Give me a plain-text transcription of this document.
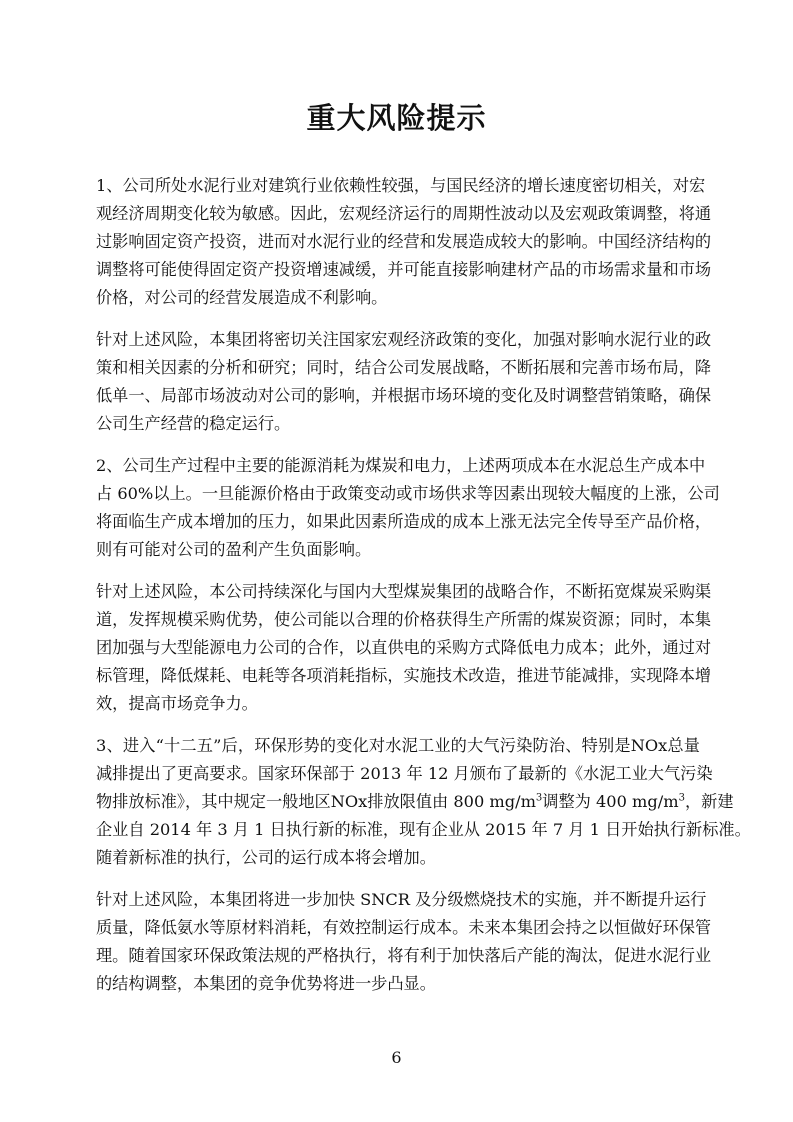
重大风险提示
1、公司所处水泥行业对建筑行业依赖性较强，与国民经济的增长速度密切相关，对宏
观经济周期变化较为敏感。因此，宏观经济运行的周期性波动以及宏观政策调整，将通
过影响固定资产投资，进而对水泥行业的经营和发展造成较大的影响。中国经济结构的
调整将可能使得固定资产投资增速减缓，并可能直接影响建材产品的市场需求量和市场
价格，对公司的经营发展造成不利影响。
针对上述风险，本集团将密切关注国家宏观经济政策的变化，加强对影响水泥行业的政
策和相关因素的分析和研究；同时，结合公司发展战略，不断拓展和完善市场布局，降
低单一、局部市场波动对公司的影响，并根据市场环境的变化及时调整营销策略，确保
公司生产经营的稳定运行。
2、公司生产过程中主要的能源消耗为煤炭和电力，上述两项成本在水泥总生产成本中
占 60%以上。一旦能源价格由于政策变动或市场供求等因素出现较大幅度的上涨，公司
将面临生产成本增加的压力，如果此因素所造成的成本上涨无法完全传导至产品价格，
则有可能对公司的盈利产生负面影响。
针对上述风险，本公司持续深化与国内大型煤炭集团的战略合作，不断拓宽煤炭采购渠
道，发挥规模采购优势，使公司能以合理的价格获得生产所需的煤炭资源；同时，本集
团加强与大型能源电力公司的合作，以直供电的采购方式降低电力成本；此外，通过对
标管理，降低煤耗、电耗等各项消耗指标，实施技术改造，推进节能减排，实现降本增
效，提高市场竞争力。
3、进入“十二五”后，环保形势的变化对水泥工业的大气污染防治、特别是NOx总量
减排提出了更高要求。国家环保部于 2013 年 12 月颁布了最新的《水泥工业大气污染
物排放标准》，其中规定一般地区NOx排放限值由 800 $mg/m^3$调整为 400 $mg/m^3$，新建
企业自 2014 年 3 月 1 日执行新的标准，现有企业从 2015 年 7 月 1 日开始执行新标准。
随着新标准的执行，公司的运行成本将会增加。
针对上述风险，本集团将进一步加快 SNCR 及分级燃烧技术的实施，并不断提升运行
质量，降低氨水等原材料消耗，有效控制运行成本。未来本集团会持之以恒做好环保管
理。随着国家环保政策法规的严格执行，将有利于加快落后产能的淘汰，促进水泥行业
的结构调整，本集团的竞争优势将进一步凸显。
6
